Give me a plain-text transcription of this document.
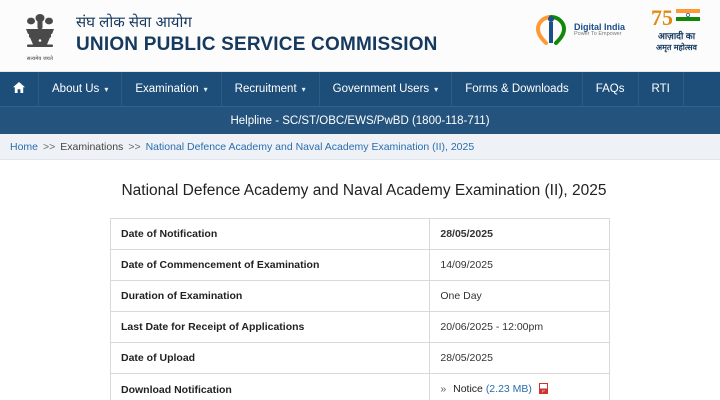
सत्यमेव जयते
संघ लोक सेवा आयोग
UNION PUBLIC SERVICE COMMISSION
Digital India
Power To Empower
75
आज़ादी का
अमृत महोत्सव
About Us ▾ Examination ▾ Recruitment ▾ Government Users ▾ Forms & Downloads FAQs RTI
Helpline - SC/ST/OBC/EWS/PwBD (1800-118-711)
Home >> Examinations >> National Defence Academy and Naval Academy Examination (II), 2025
National Defence Academy and Naval Academy Examination (II), 2025
Date of Notification	28/05/2025
Date of Commencement of Examination	14/09/2025
Duration of Examination	One Day
Last Date for Receipt of Applications	20/06/2025 - 12:00pm
Date of Upload	28/05/2025
Download Notification	» Notice (2.23 MB) P
